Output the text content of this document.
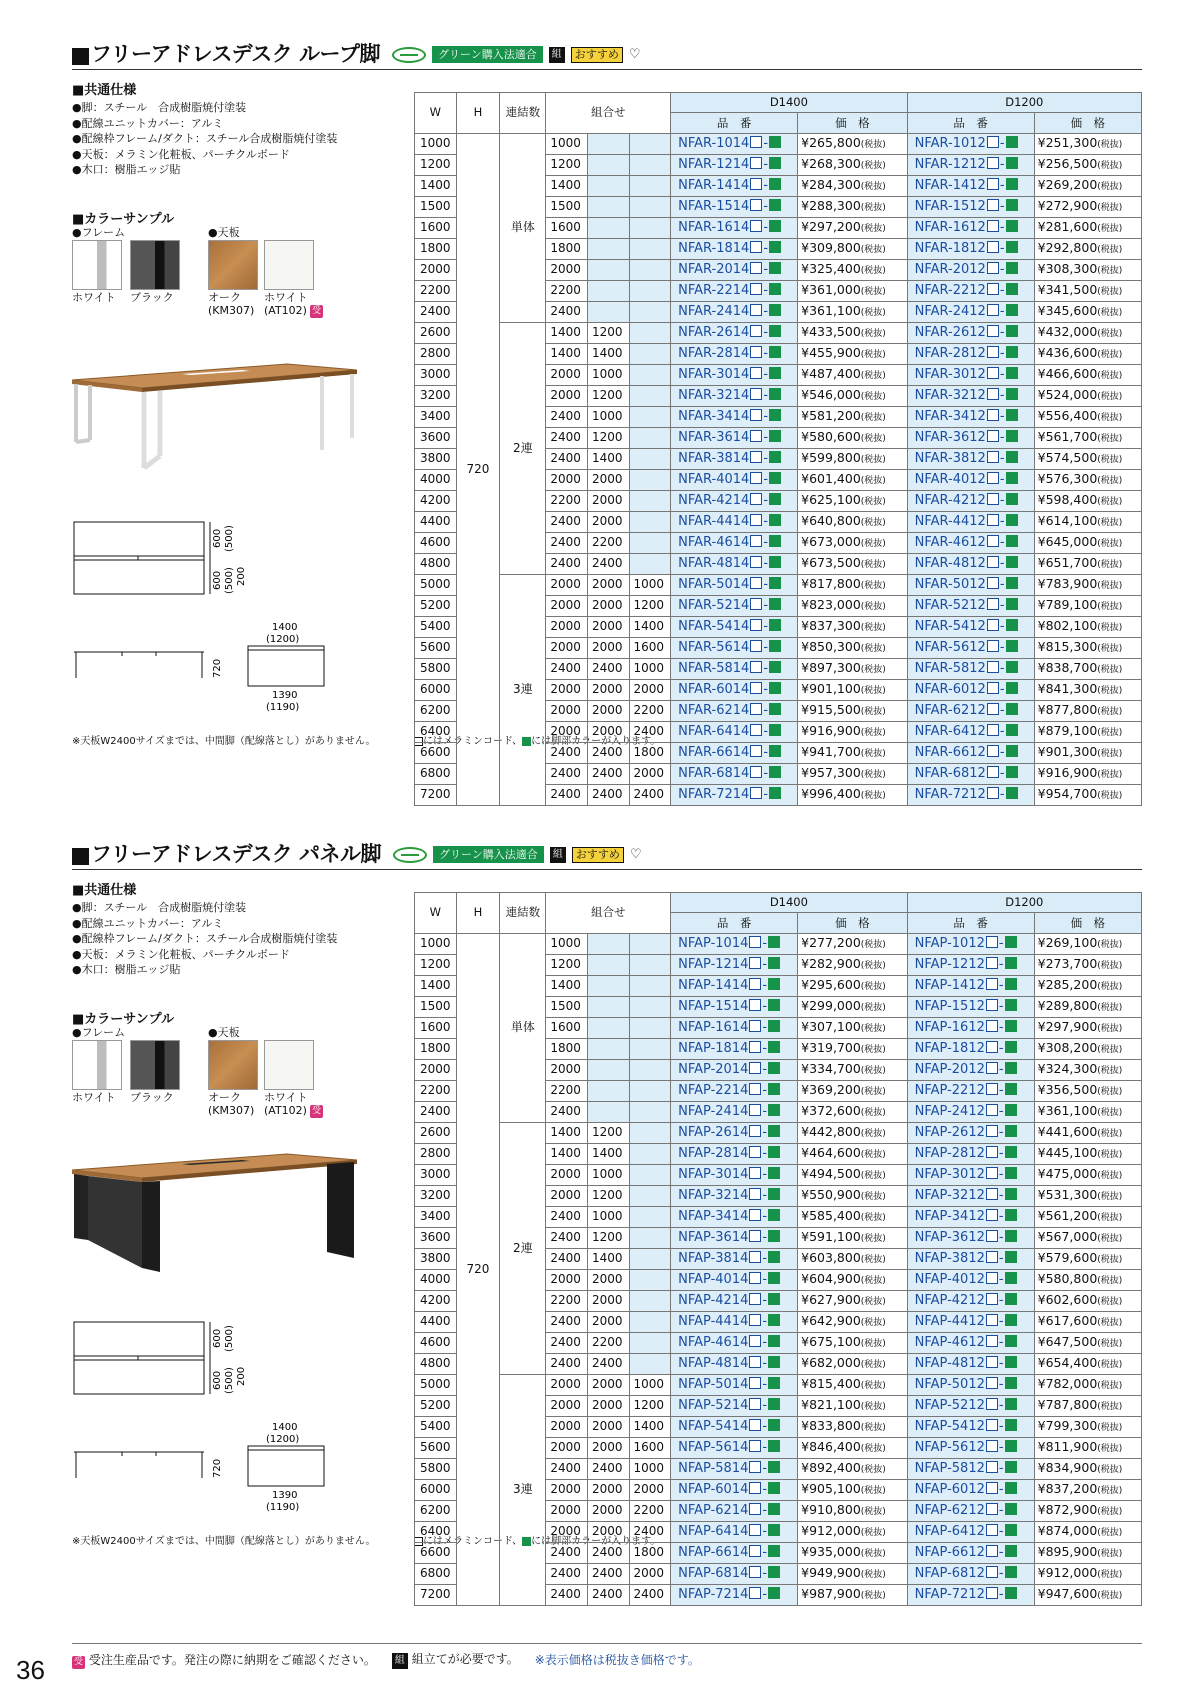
フリーアドレスデスク ループ脚	グリーン購入法適合	組	おすすめ ♡
■共通仕様
●脚：スチール　合成樹脂焼付塗装
●配線ユニットカバー：アルミ
●配線枠フレーム/ダクト：スチール合成樹脂焼付塗装
●天板：メラミン化粧板、パーチクルボード
●木口：樹脂エッジ貼
■カラーサンプル
●フレーム	●天板
ホワイト ブラック	オーク ホワイト
(KM307) (AT102) 受
600 (500)
600 (500) 200
720
1400
(1200)
1390
(1190)
※天板W2400サイズまでは、中間脚（配線落とし）がありません。	にはメラミンコード、 には脚部カラーが入ります。
W	H	連結数	組合せ			D1400		D1200	
						品　番	価　格	品　番	価　格
1000	720	単体	1000			NFAR-1014 -	¥265,800(税抜)	NFAR-1012 -	¥251,300(税抜)
1200			1200			NFAR-1214 -	¥268,300(税抜)	NFAR-1212 -	¥256,500(税抜)
1400			1400			NFAR-1414 -	¥284,300(税抜)	NFAR-1412 -	¥269,200(税抜)
1500			1500			NFAR-1514 -	¥288,300(税抜)	NFAR-1512 -	¥272,900(税抜)
1600			1600			NFAR-1614 -	¥297,200(税抜)	NFAR-1612 -	¥281,600(税抜)
1800			1800			NFAR-1814 -	¥309,800(税抜)	NFAR-1812 -	¥292,800(税抜)
2000			2000			NFAR-2014 -	¥325,400(税抜)	NFAR-2012 -	¥308,300(税抜)
2200			2200			NFAR-2214 -	¥361,000(税抜)	NFAR-2212 -	¥341,500(税抜)
2400			2400			NFAR-2414 -	¥361,100(税抜)	NFAR-2412 -	¥345,600(税抜)
2600		2連	1400	1200		NFAR-2614 -	¥433,500(税抜)	NFAR-2612 -	¥432,000(税抜)
2800			1400	1400		NFAR-2814 -	¥455,900(税抜)	NFAR-2812 -	¥436,600(税抜)
3000			2000	1000		NFAR-3014 -	¥487,400(税抜)	NFAR-3012 -	¥466,600(税抜)
3200			2000	1200		NFAR-3214 -	¥546,000(税抜)	NFAR-3212 -	¥524,000(税抜)
3400			2400	1000		NFAR-3414 -	¥581,200(税抜)	NFAR-3412 -	¥556,400(税抜)
3600			2400	1200		NFAR-3614 -	¥580,600(税抜)	NFAR-3612 -	¥561,700(税抜)
3800			2400	1400		NFAR-3814 -	¥599,800(税抜)	NFAR-3812 -	¥574,500(税抜)
4000			2000	2000		NFAR-4014 -	¥601,400(税抜)	NFAR-4012 -	¥576,300(税抜)
4200			2200	2000		NFAR-4214 -	¥625,100(税抜)	NFAR-4212 -	¥598,400(税抜)
4400			2400	2000		NFAR-4414 -	¥640,800(税抜)	NFAR-4412 -	¥614,100(税抜)
4600			2400	2200		NFAR-4614 -	¥673,000(税抜)	NFAR-4612 -	¥645,000(税抜)
4800			2400	2400		NFAR-4814 -	¥673,500(税抜)	NFAR-4812 -	¥651,700(税抜)
5000		3連	2000	2000	1000	NFAR-5014 -	¥817,800(税抜)	NFAR-5012 -	¥783,900(税抜)
5200			2000	2000	1200	NFAR-5214 -	¥823,000(税抜)	NFAR-5212 -	¥789,100(税抜)
5400			2000	2000	1400	NFAR-5414 -	¥837,300(税抜)	NFAR-5412 -	¥802,100(税抜)
5600			2000	2000	1600	NFAR-5614 -	¥850,300(税抜)	NFAR-5612 -	¥815,300(税抜)
5800			2400	2400	1000	NFAR-5814 -	¥897,300(税抜)	NFAR-5812 -	¥838,700(税抜)
6000			2000	2000	2000	NFAR-6014 -	¥901,100(税抜)	NFAR-6012 -	¥841,300(税抜)
6200			2000	2000	2200	NFAR-6214 -	¥915,500(税抜)	NFAR-6212 -	¥877,800(税抜)
6400			2000	2000	2400	NFAR-6414 -	¥916,900(税抜)	NFAR-6412 -	¥879,100(税抜)
6600			2400	2400	1800	NFAR-6614 -	¥941,700(税抜)	NFAR-6612 -	¥901,300(税抜)
6800			2400	2400	2000	NFAR-6814 -	¥957,300(税抜)	NFAR-6812 -	¥916,900(税抜)
7200			2400	2400	2400	NFAR-7214 -	¥996,400(税抜)	NFAR-7212 -	¥954,700(税抜)
フリーアドレスデスク パネル脚	グリーン購入法適合	組	おすすめ ♡
■共通仕様
●脚：スチール　合成樹脂焼付塗装
●配線ユニットカバー：アルミ
●配線枠フレーム/ダクト：スチール合成樹脂焼付塗装
●天板：メラミン化粧板、パーチクルボード
●木口：樹脂エッジ貼
■カラーサンプル
●フレーム	●天板
ホワイト ブラック	オーク ホワイト
(KM307) (AT102) 受
600 (500)
600 (500) 200
720
1400
(1200)
1390
(1190)
※天板W2400サイズまでは、中間脚（配線落とし）がありません。	にはメラミンコード、 には脚部カラーが入ります。
W	H	連結数	組合せ			D1400		D1200	
						品　番	価　格	品　番	価　格
1000	720	単体	1000			NFAP-1014 -	¥277,200(税抜)	NFAP-1012 -	¥269,100(税抜)
1200			1200			NFAP-1214 -	¥282,900(税抜)	NFAP-1212 -	¥273,700(税抜)
1400			1400			NFAP-1414 -	¥295,600(税抜)	NFAP-1412 -	¥285,200(税抜)
1500			1500			NFAP-1514 -	¥299,000(税抜)	NFAP-1512 -	¥289,800(税抜)
1600			1600			NFAP-1614 -	¥307,100(税抜)	NFAP-1612 -	¥297,900(税抜)
1800			1800			NFAP-1814 -	¥319,700(税抜)	NFAP-1812 -	¥308,200(税抜)
2000			2000			NFAP-2014 -	¥334,700(税抜)	NFAP-2012 -	¥324,300(税抜)
2200			2200			NFAP-2214 -	¥369,200(税抜)	NFAP-2212 -	¥356,500(税抜)
2400			2400			NFAP-2414 -	¥372,600(税抜)	NFAP-2412 -	¥361,100(税抜)
2600		2連	1400	1200		NFAP-2614 -	¥442,800(税抜)	NFAP-2612 -	¥441,600(税抜)
2800			1400	1400		NFAP-2814 -	¥464,600(税抜)	NFAP-2812 -	¥445,100(税抜)
3000			2000	1000		NFAP-3014 -	¥494,500(税抜)	NFAP-3012 -	¥475,000(税抜)
3200			2000	1200		NFAP-3214 -	¥550,900(税抜)	NFAP-3212 -	¥531,300(税抜)
3400			2400	1000		NFAP-3414 -	¥585,400(税抜)	NFAP-3412 -	¥561,200(税抜)
3600			2400	1200		NFAP-3614 -	¥591,100(税抜)	NFAP-3612 -	¥567,000(税抜)
3800			2400	1400		NFAP-3814 -	¥603,800(税抜)	NFAP-3812 -	¥579,600(税抜)
4000			2000	2000		NFAP-4014 -	¥604,900(税抜)	NFAP-4012 -	¥580,800(税抜)
4200			2200	2000		NFAP-4214 -	¥627,900(税抜)	NFAP-4212 -	¥602,600(税抜)
4400			2400	2000		NFAP-4414 -	¥642,900(税抜)	NFAP-4412 -	¥617,600(税抜)
4600			2400	2200		NFAP-4614 -	¥675,100(税抜)	NFAP-4612 -	¥647,500(税抜)
4800			2400	2400		NFAP-4814 -	¥682,000(税抜)	NFAP-4812 -	¥654,400(税抜)
5000		3連	2000	2000	1000	NFAP-5014 -	¥815,400(税抜)	NFAP-5012 -	¥782,000(税抜)
5200			2000	2000	1200	NFAP-5214 -	¥821,100(税抜)	NFAP-5212 -	¥787,800(税抜)
5400			2000	2000	1400	NFAP-5414 -	¥833,800(税抜)	NFAP-5412 -	¥799,300(税抜)
5600			2000	2000	1600	NFAP-5614 -	¥846,400(税抜)	NFAP-5612 -	¥811,900(税抜)
5800			2400	2400	1000	NFAP-5814 -	¥892,400(税抜)	NFAP-5812 -	¥834,900(税抜)
6000			2000	2000	2000	NFAP-6014 -	¥905,100(税抜)	NFAP-6012 -	¥837,200(税抜)
6200			2000	2000	2200	NFAP-6214 -	¥910,800(税抜)	NFAP-6212 -	¥872,900(税抜)
6400			2000	2000	2400	NFAP-6414 -	¥912,000(税抜)	NFAP-6412 -	¥874,000(税抜)
6600			2400	2400	1800	NFAP-6614 -	¥935,000(税抜)	NFAP-6612 -	¥895,900(税抜)
6800			2400	2400	2000	NFAP-6814 -	¥949,900(税抜)	NFAP-6812 -	¥912,000(税抜)
7200			2400	2400	2400	NFAP-7214 -	¥987,900(税抜)	NFAP-7212 -	¥947,600(税抜)
受 受注生産品です。発注の際に納期をご確認ください。	組 組立てが必要です。 ※表示価格は税抜き価格です。
36
